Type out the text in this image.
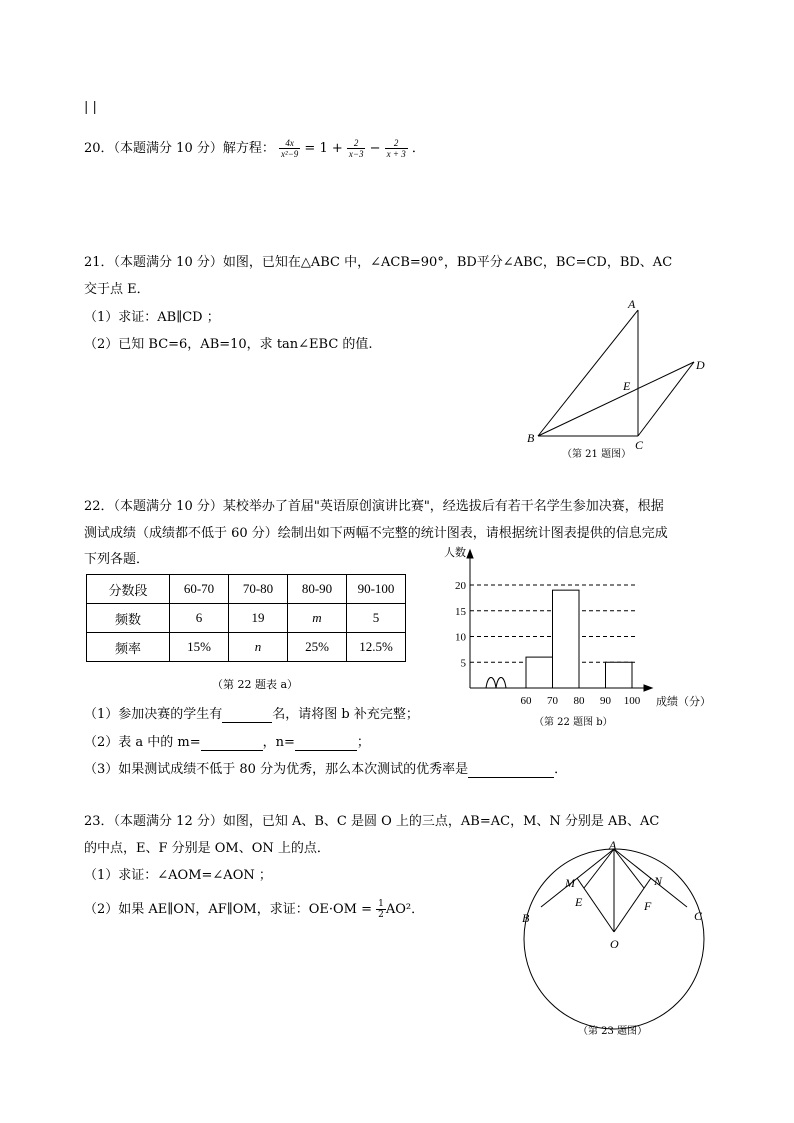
| |
20．（本题满分 10 分）解方程： $\frac{4x}{\text{x²−9}} = 1 + \frac{2}{x-3} - \frac{2}{x + 3}$ ．
21．（本题满分 10 分）如图，已知在△ABC 中，∠ACB=90°，BD平分∠ABC，BC=CD，BD、AC
交于点 E．
（1）求证：AB∥CD ；
（2）已知 BC=6，AB=10，求 tan∠EBC 的值.
A
B	C
D
E
（第 21 题图）
22．（本题满分 10 分）某校举办了首届"英语原创演讲比赛"，经选拔后有若干名学生参加决赛，根据
测试成绩（成绩都不低于 60 分）绘制出如下两幅不完整的统计图表，请根据统计图表提供的信息完成
下列各题．
分数段	60-70	70-80	80-90	90-100
频数	6	19	m	5
频率	15%	n	25%	12.5%
（第 22 题表 a）
5
10
15
20
60 70 80 90 100
人数
成绩（分）
（第 22 题图 b）
（1）参加决赛的学生有	名，请将图 b 补充完整；
（2）表 a 中的 m=	，n=	；
（3）如果测试成绩不低于 80 分为优秀，那么本次测试的优秀率是	．
23．（本题满分 12 分）如图，已知 A、B、C 是圆 O 上的三点，AB=AC，M、N 分别是 AB、AC
的中点，E、F 分别是 OM、ON 上的点．
（1）求证：∠AOM=∠AON ；
（2）如果 AE∥ON，AF∥OM，求证：$OE\cdot OM = \frac{1}{2} AO^2$．
A
B	C
M	N
E	F
O
（第 23 题图）
